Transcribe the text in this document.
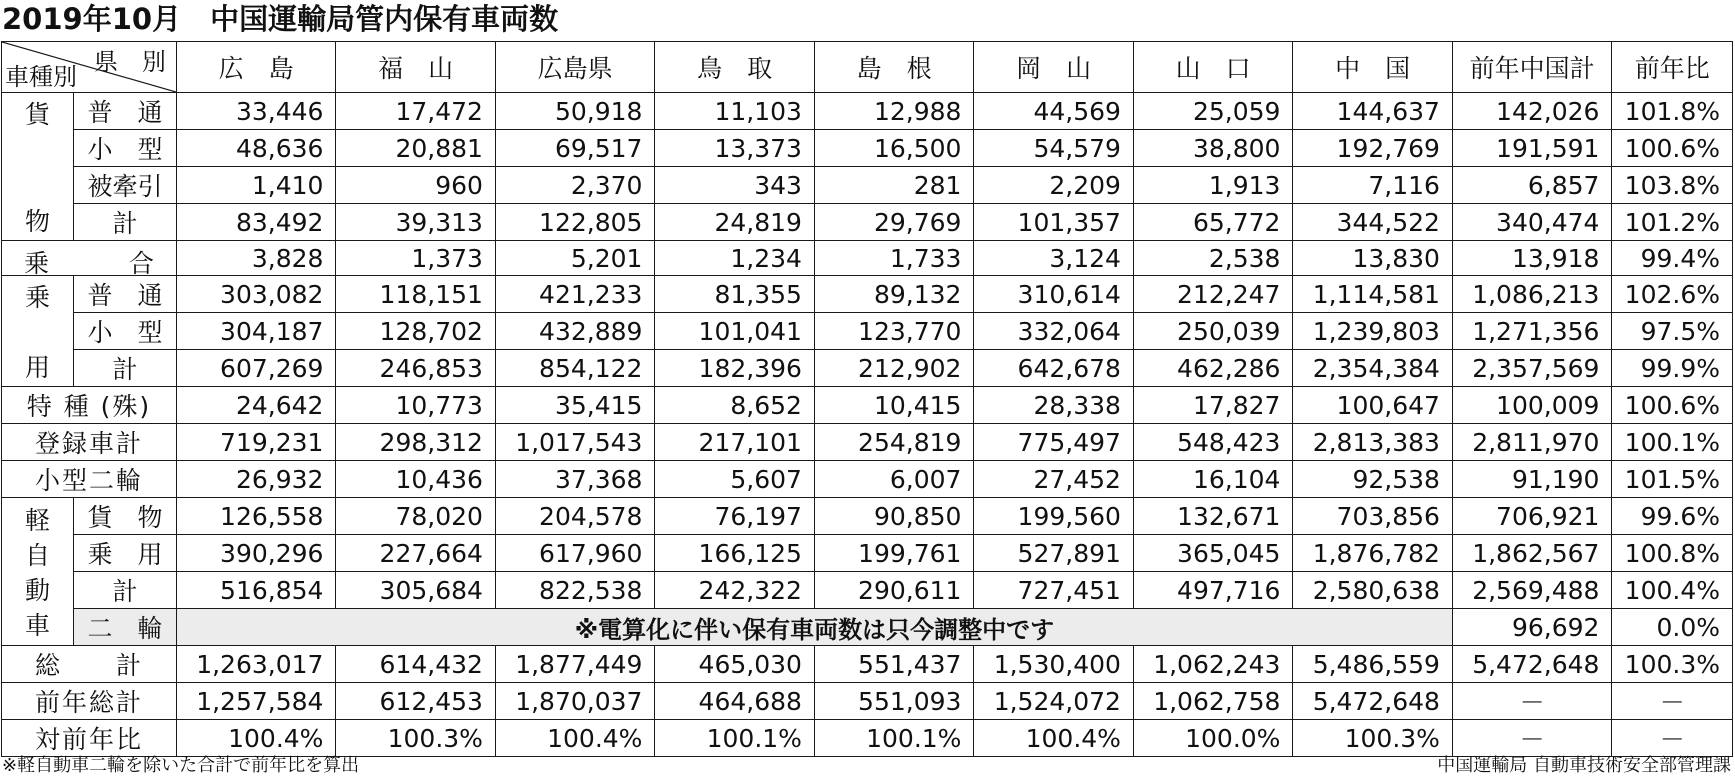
2019年10月　中国運輸局管内保有車両数
県　別
車種別		広　島	福　山	広島県	鳥　取	島　根	岡　山	山　口	中　国	前年中国計	前年比

貨
物	普　通	33,446	17,472	50,918	11,103	12,988	44,569	25,059	144,637	142,026	101.8%
	小　型	48,636	20,881	69,517	13,373	16,500	54,579	38,800	192,769	191,591	100.6%
	被牽引	1,410	960	2,370	343	281	2,209	1,913	7,116	6,857	103.8%
	計	83,492	39,313	122,805	24,819	29,769	101,357	65,772	344,522	340,474	101.2%

乗 合		3,828	1,373	5,201	1,234	1,733	3,124	2,538	13,830	13,918	99.4%

乗
用	普　通	303,082	118,151	421,233	81,355	89,132	310,614	212,247	1,114,581	1,086,213	102.6%
	小　型	304,187	128,702	432,889	101,041	123,770	332,064	250,039	1,239,803	1,271,356	97.5%
	計	607,269	246,853	854,122	182,396	212,902	642,678	462,286	2,354,384	2,357,569	99.9%
特 種 (殊)		24,642	10,773	35,415	8,652	10,415	28,338	17,827	100,647	100,009	100.6%
登録車計		719,231	298,312	1,017,543	217,101	254,819	775,497	548,423	2,813,383	2,811,970	100.1%
小型二輪		26,932	10,436	37,368	5,607	6,007	27,452	16,104	92,538	91,190	101.5%

軽
自
動
車	貨　物	126,558	78,020	204,578	76,197	90,850	199,560	132,671	703,856	706,921	99.6%
	乗　用	390,296	227,664	617,960	166,125	199,761	527,891	365,045	1,876,782	1,862,567	100.8%
	計	516,854	305,684	822,538	242,322	290,611	727,451	497,716	2,580,638	2,569,488	100.4%
	二　輪	※電算化に伴い保有車両数は只今調整中です								96,692	0.0%
総　　計		1,263,017	614,432	1,877,449	465,030	551,437	1,530,400	1,062,243	5,486,559	5,472,648	100.3%
前年総計		1,257,584	612,453	1,870,037	464,688	551,093	1,524,072	1,062,758	5,472,648	－	－
対前年比		100.4%	100.3%	100.4%	100.1%	100.1%	100.4%	100.0%	100.3%	－	－
※軽自動車二輪を除いた合計で前年比を算出	中国運輸局 自動車技術安全部管理課
